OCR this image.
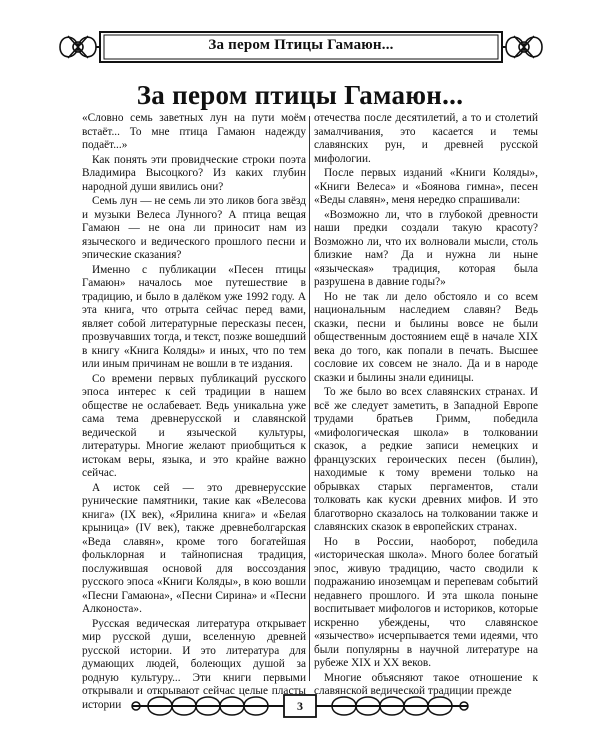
За пером Птицы Гамаюн...
За пером птицы Гамаюн...

«Словно семь заветных лун на пути моём встаёт... То мне птица Гамаюн надежду подаёт...»

Как понять эти провидческие строки поэта Владимира Высоцкого? Из каких глубин народной души явились они?

Семь лун — не семь ли это ликов бога звёзд и музыки Велеса Лунного? А птица вещая Гамаюн — не она ли приносит нам из языческого и ведического прошлого песни и эпические сказания?

Именно с публикации «Песен птицы Гамаюн» началось мое путешествие в традицию, и было в далёком уже 1992 году. А эта книга, что отрыта сейчас перед вами, являет собой литературные пересказы песен, прозвучавших тогда, и текст, позже вошедший в книгу «Книга Коляды» и иных, что по тем или иным причинам не вошли в те издания.

Со времени первых публикаций русского эпоса интерес к сей традиции в нашем обществе не ослабевает. Ведь уникальна уже сама тема древнерусской и славянской ведической и языческой культуры, литературы. Многие желают приобщиться к истокам веры, языка, и это крайне важно сейчас.

А исток сей — это древнерусские рунические памятники, такие как «Велесова книга» (IX век), «Ярилина книга» и «Белая крыница» (IV век), также древнеболгарская «Веда славян», кроме того богатейшая фольклорная и тайнописная традиция, послужившая основой для воссоздания русского эпоса «Книги Коляды», в кою вошли «Песни Гамаюна», «Песни Сирина» и «Песни Алконоста».

Русская ведическая литература открывает мир русской души, вселенную древней русской истории. И это литература для думающих людей, болеющих душой за родную культуру... Эти книги первыми открывали и открывают сейчас целые пласты истории

отечества после десятилетий, а то и столетий замалчивания, это касается и темы славянских рун, и древней русской мифологии.

После первых изданий «Книги Коляды», «Книги Велеса» и «Боянова гимна», песен «Веды славян», меня нередко спрашивали:

«Возможно ли, что в глубокой древности наши предки создали такую красоту? Возможно ли, что их волновали мысли, столь близкие нам? Да и нужна ли ныне «языческая» традиция, которая была разрушена в давние годы?»

Но не так ли дело обстояло и со всем национальным наследием славян? Ведь сказки, песни и былины вовсе не были общественным достоянием ещё в начале XIX века до того, как попали в печать. Высшее сословие их совсем не знало. Да и в народе сказки и былины знали единицы.

То же было во всех славянских странах. И всё же следует заметить, в Западной Европе трудами братьев Гримм, победила «мифологическая школа» в толковании сказок, а редкие записи немецких и французских героических песен (былин), находимые к тому времени только на обрывках старых пергаментов, стали толковать как куски древних мифов. И это благотворно сказалось на толковании также и славянских сказок в европейских странах.

Но в России, наоборот, победила «историческая школа». Много более богатый эпос, живую традицию, часто сводили к подражанию иноземцам и перепевам событий недавнего прошлого. И эта школа поныне воспитывает мифологов и историков, которые искренно убеждены, что славянское «язычество» исчерпывается теми идеями, что были популярны в научной литературе на рубеже XIX и XX веков.

Многие объясняют такое отношение к славянской ведической традиции прежде

3
